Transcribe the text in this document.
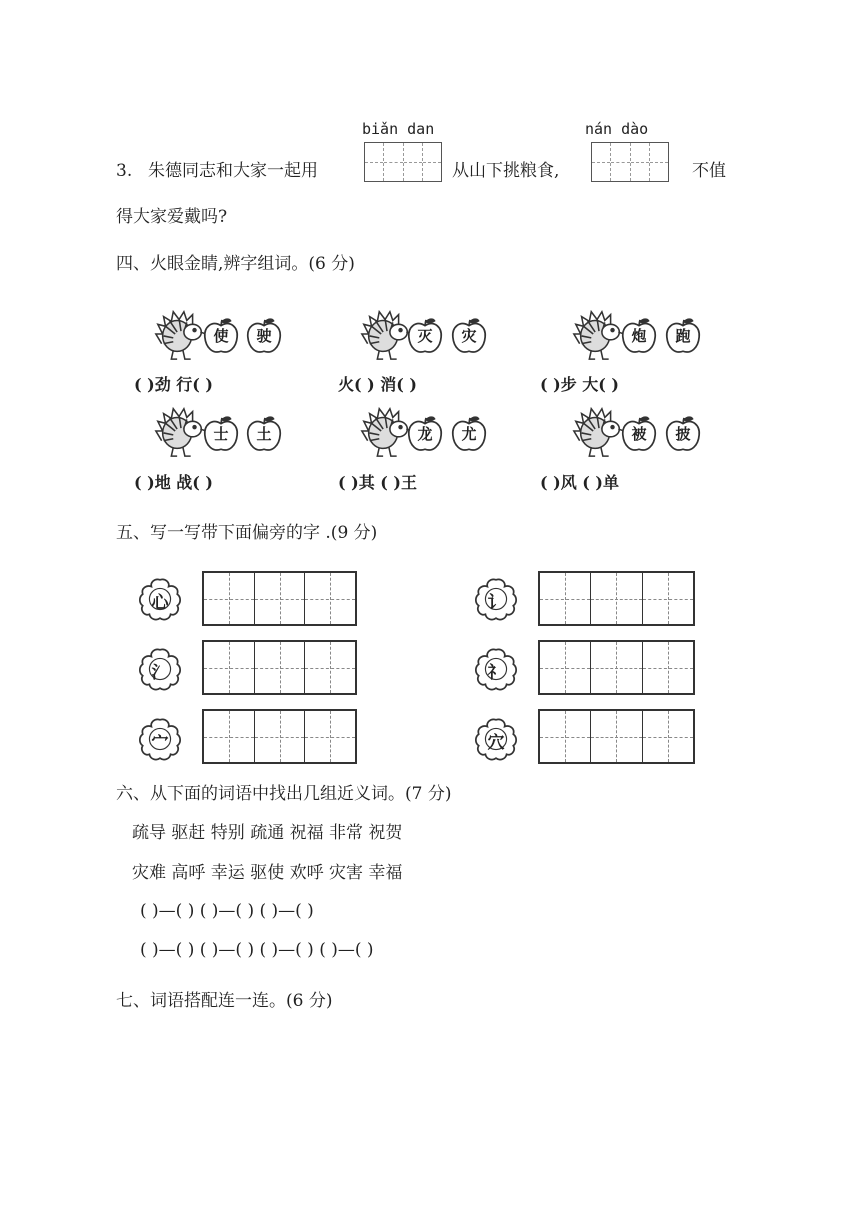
biǎn dan	nán dào
3. 朱德同志和大家一起用	从山下挑粮食,	不值
得大家爱戴吗?
四、火眼金睛,辨字组词。(6 分)
使	驶	灭	灾	炮	跑
( )劲 行( )	火( ) 消( )	( )步 大( )
士	土	龙	尤	被	披
( )地 战( )	( )其 ( )王	( )风 ( )单
五、写一写带下面偏旁的字 .(9 分)
心	讠
氵	礻
宀	穴
六、从下面的词语中找出几组近义词。(7 分)
疏导 驱赶 特别 疏通 祝福 非常 祝贺
灾难 高呼 幸运 驱使 欢呼 灾害 幸福
( )—( ) ( )—( ) ( )—( )
( )—( ) ( )—( ) ( )—( ) ( )—( )
七、词语搭配连一连。(6 分)
